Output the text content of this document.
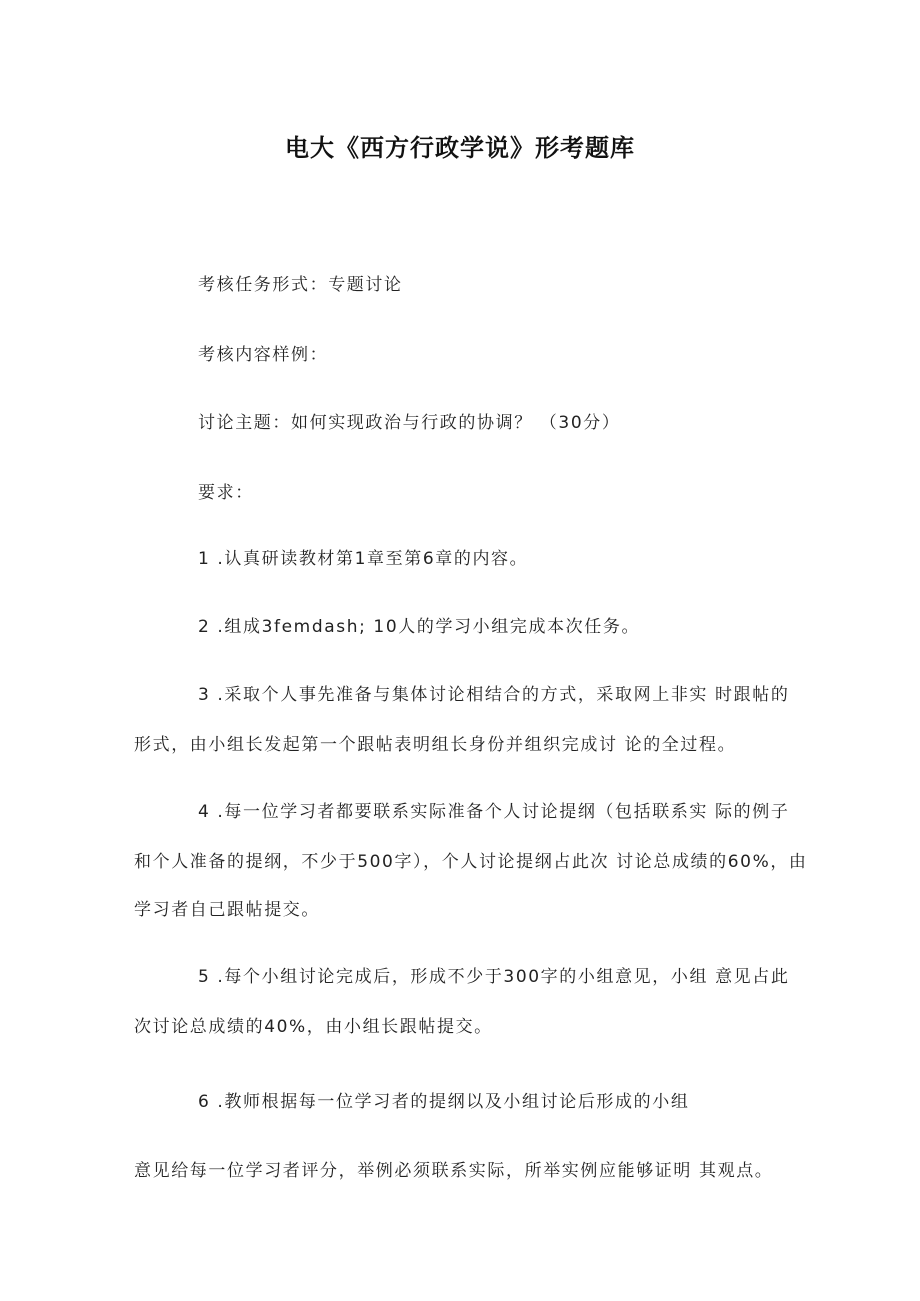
电大《西方行政学说》形考题库
考核任务形式：专题讨论
考核内容样例：
讨论主题：如何实现政治与行政的协调？ （30分）
要求：
1 .认真研读教材第1章至第6章的内容。
2 .组成3femdash; 10人的学习小组完成本次任务。
3 .采取个人事先准备与集体讨论相结合的方式，采取网上非实 时跟帖的
形式，由小组长发起第一个跟帖表明组长身份并组织完成讨 论的全过程。
4 .每一位学习者都要联系实际准备个人讨论提纲（包括联系实 际的例子
和个人准备的提纲，不少于500字），个人讨论提纲占此次 讨论总成绩的60%，由
学习者自己跟帖提交。
5 .每个小组讨论完成后，形成不少于300字的小组意见，小组 意见占此
次讨论总成绩的40%，由小组长跟帖提交。
6 .教师根据每一位学习者的提纲以及小组讨论后形成的小组
意见给每一位学习者评分，举例必须联系实际，所举实例应能够证明 其观点。
